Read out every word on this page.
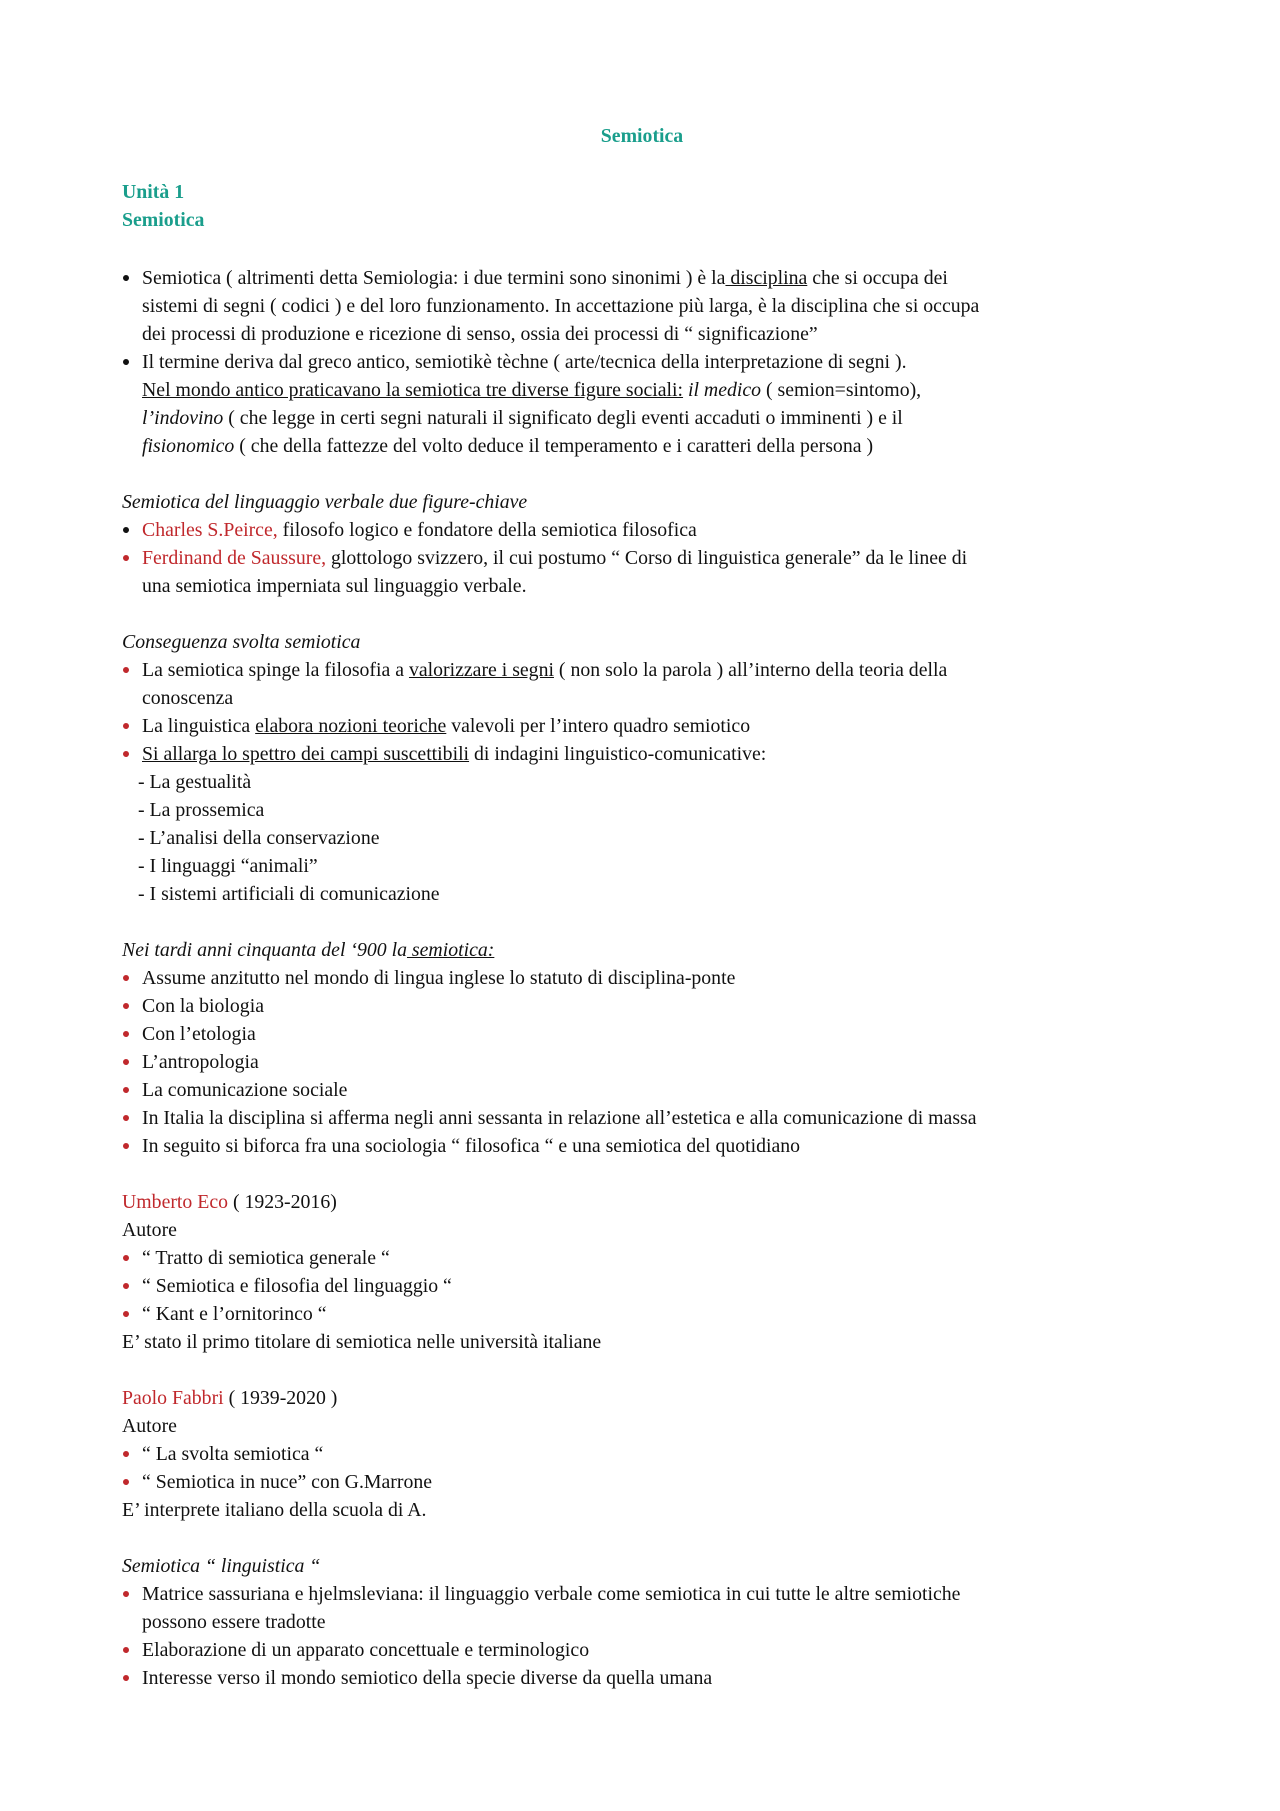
Semiotica
Unità 1
Semiotica
Semiotica ( altrimenti detta Semiologia: i due termini sono sinonimi ) è la disciplina che si occupa dei
sistemi di segni ( codici ) e del loro funzionamento. In accettazione più larga, è la disciplina che si occupa
dei processi di produzione e ricezione di senso, ossia dei processi di “ significazione”
Il termine deriva dal greco antico, semiotikè tèchne ( arte/tecnica della interpretazione di segni ).
Nel mondo antico praticavano la semiotica tre diverse figure sociali: il medico ( semion=sintomo),
l’indovino ( che legge in certi segni naturali il significato degli eventi accaduti o imminenti ) e il
fisionomico ( che della fattezze del volto deduce il temperamento e i caratteri della persona )
Semiotica del linguaggio verbale due figure-chiave
Charles S.Peirce, filosofo logico e fondatore della semiotica filosofica
Ferdinand de Saussure, glottologo svizzero, il cui postumo “ Corso di linguistica generale” da le linee di
una semiotica imperniata sul linguaggio verbale.
Conseguenza svolta semiotica
La semiotica spinge la filosofia a valorizzare i segni ( non solo la parola ) all’interno della teoria della
conoscenza
La linguistica elabora nozioni teoriche valevoli per l’intero quadro semiotico
Si allarga lo spettro dei campi suscettibili di indagini linguistico-comunicative:
- La gestualità
- La prossemica
- L’analisi della conservazione
- I linguaggi “animali”
- I sistemi artificiali di comunicazione
Nei tardi anni cinquanta del ‘900 la semiotica:
Assume anzitutto nel mondo di lingua inglese lo statuto di disciplina-ponte
Con la biologia
Con l’etologia
L’antropologia
La comunicazione sociale
In Italia la disciplina si afferma negli anni sessanta in relazione all’estetica e alla comunicazione di massa
In seguito si biforca fra una sociologia “ filosofica “ e una semiotica del quotidiano
Umberto Eco ( 1923-2016)
Autore
“ Tratto di semiotica generale “
“ Semiotica e filosofia del linguaggio “
“ Kant e l’ornitorinco “
E’ stato il primo titolare di semiotica nelle università italiane
Paolo Fabbri ( 1939-2020 )
Autore
“ La svolta semiotica “
“ Semiotica in nuce” con G.Marrone
E’ interprete italiano della scuola di A.
Semiotica “ linguistica “
Matrice sassuriana e hjelmsleviana: il linguaggio verbale come semiotica in cui tutte le altre semiotiche
possono essere tradotte
Elaborazione di un apparato concettuale e terminologico
Interesse verso il mondo semiotico della specie diverse da quella umana
